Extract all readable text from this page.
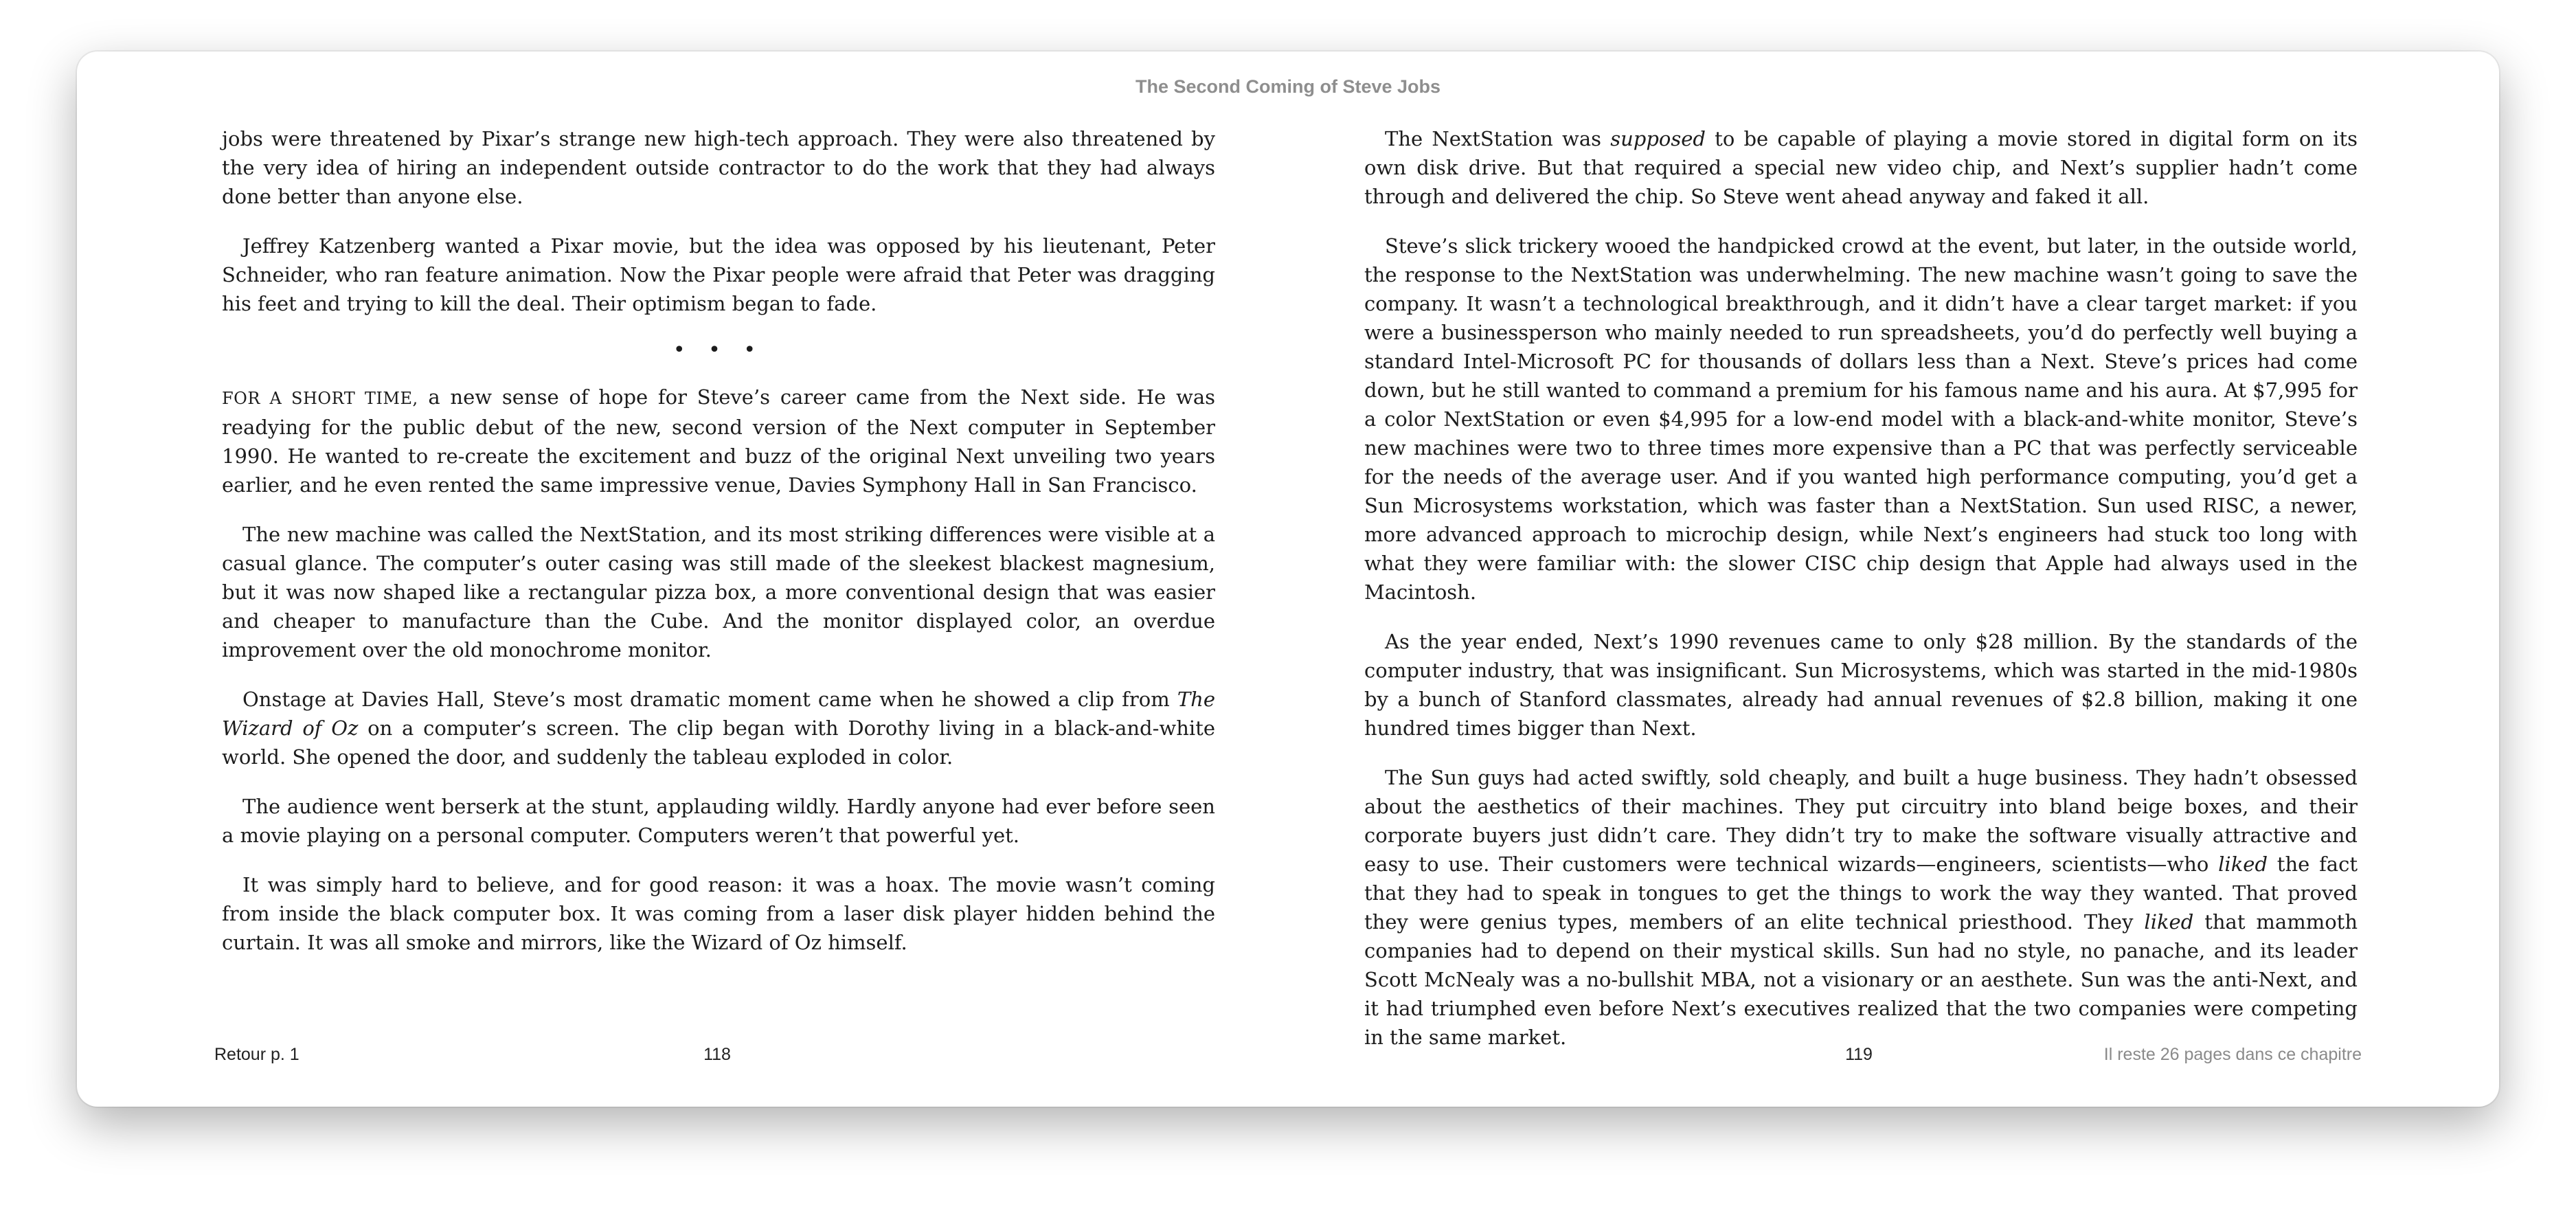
The Second Coming of Steve Jobs

jobs were threatened by Pixar’s strange new high-tech approach. They were also threatened by the very idea of hiring an independent outside contractor to do the work that they had always done better than anyone else.

Jeffrey Katzenberg wanted a Pixar movie, but the idea was opposed by his lieutenant, Peter Schneider, who ran feature animation. Now the Pixar people were afraid that Peter was dragging his feet and trying to kill the deal. Their optimism began to fade.

• • •

FOR A SHORT TIME, a new sense of hope for Steve’s career came from the Next side. He was readying for the public debut of the new, second version of the Next computer in September 1990. He wanted to re-create the excitement and buzz of the original Next unveiling two years earlier, and he even rented the same impressive venue, Davies Symphony Hall in San Francisco.

The new machine was called the NextStation, and its most striking differences were visible at a casual glance. The computer’s outer casing was still made of the sleekest blackest magnesium, but it was now shaped like a rectangular pizza box, a more conventional design that was easier and cheaper to manufacture than the Cube. And the monitor displayed color, an overdue improvement over the old monochrome monitor.

Onstage at Davies Hall, Steve’s most dramatic moment came when he showed a clip from The Wizard of Oz on a computer’s screen. The clip began with Dorothy living in a black-and-white world. She opened the door, and suddenly the tableau exploded in color.

The audience went berserk at the stunt, applauding wildly. Hardly anyone had ever before seen a movie playing on a personal computer. Computers weren’t that powerful yet.

It was simply hard to believe, and for good reason: it was a hoax. The movie wasn’t coming from inside the black computer box. It was coming from a laser disk player hidden behind the curtain. It was all smoke and mirrors, like the Wizard of Oz himself.

The NextStation was supposed to be capable of playing a movie stored in digital form on its own disk drive. But that required a special new video chip, and Next’s supplier hadn’t come through and delivered the chip. So Steve went ahead anyway and faked it all.

Steve’s slick trickery wooed the handpicked crowd at the event, but later, in the outside world, the response to the NextStation was underwhelming. The new machine wasn’t going to save the company. It wasn’t a technological breakthrough, and it didn’t have a clear target market: if you were a businessperson who mainly needed to run spreadsheets, you’d do perfectly well buying a standard Intel-Microsoft PC for thousands of dollars less than a Next. Steve’s prices had come down, but he still wanted to command a premium for his famous name and his aura. At $7,995 for a color NextStation or even $4,995 for a low-end model with a black-and-white monitor, Steve’s new machines were two to three times more expensive than a PC that was perfectly serviceable for the needs of the average user. And if you wanted high performance computing, you’d get a Sun Microsystems workstation, which was faster than a NextStation. Sun used RISC, a newer, more advanced approach to microchip design, while Next’s engineers had stuck too long with what they were familiar with: the slower CISC chip design that Apple had always used in the Macintosh.

As the year ended, Next’s 1990 revenues came to only $28 million. By the standards of the computer industry, that was insignificant. Sun Microsystems, which was started in the mid-1980s by a bunch of Stanford classmates, already had annual revenues of $2.8 billion, making it one hundred times bigger than Next.

The Sun guys had acted swiftly, sold cheaply, and built a huge business. They hadn’t obsessed about the aesthetics of their machines. They put circuitry into bland beige boxes, and their corporate buyers just didn’t care. They didn’t try to make the software visually attractive and easy to use. Their customers were technical wizards—engineers, scientists—who liked the fact that they had to speak in tongues to get the things to work the way they wanted. That proved they were genius types, members of an elite technical priesthood. They liked that mammoth companies had to depend on their mystical skills. Sun had no style, no panache, and its leader Scott McNealy was a no-bullshit MBA, not a visionary or an aesthete. Sun was the anti-Next, and it had triumphed even before Next’s executives realized that the two companies were competing in the same market.

Retour p. 1	118	119	Il reste 26 pages dans ce chapitre
